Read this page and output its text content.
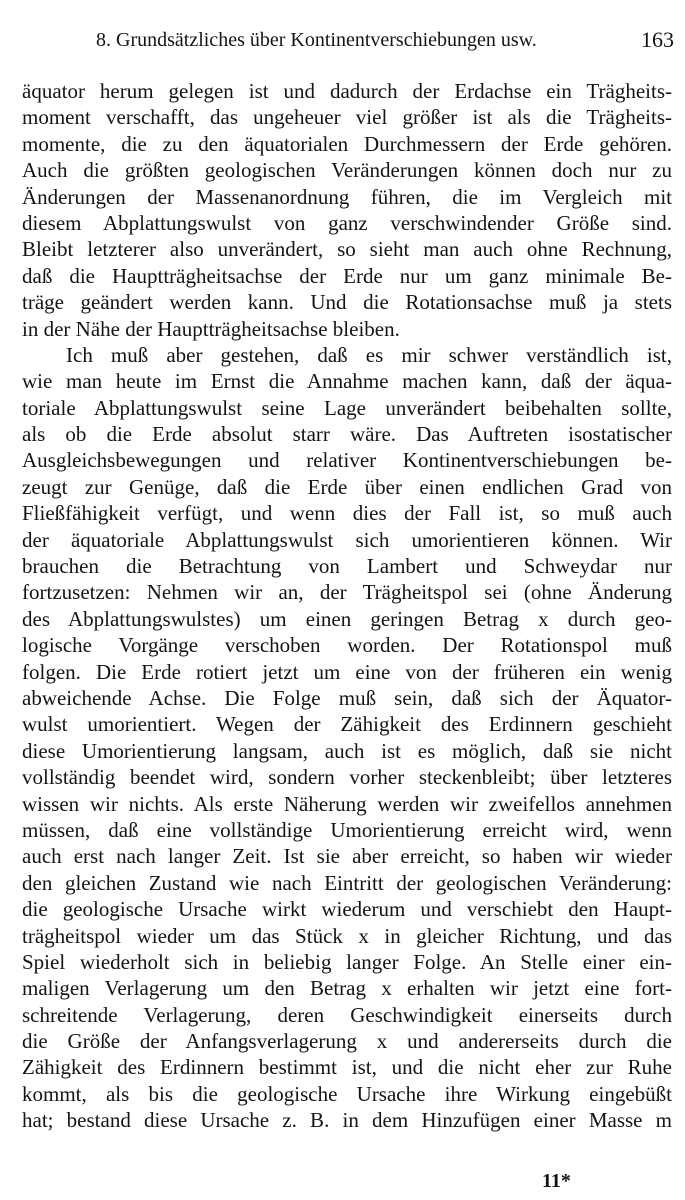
8. Grundsätzliches über Kontinentverschiebungen usw.	163
äquator herum gelegen ist und dadurch der Erdachse ein Trägheits-
moment verschafft, das ungeheuer viel größer ist als die Trägheits-
momente, die zu den äquatorialen Durchmessern der Erde gehören.
Auch die größten geologischen Veränderungen können doch nur zu
Änderungen der Massenanordnung führen, die im Vergleich mit
diesem Abplattungswulst von ganz verschwindender Größe sind.
Bleibt letzterer also unverändert, so sieht man auch ohne Rechnung,
daß die Hauptträgheitsachse der Erde nur um ganz minimale Be-
träge geändert werden kann. Und die Rotationsachse muß ja stets
in der Nähe der Hauptträgheitsachse bleiben.
Ich muß aber gestehen, daß es mir schwer verständlich ist,
wie man heute im Ernst die Annahme machen kann, daß der äqua-
toriale Abplattungswulst seine Lage unverändert beibehalten sollte,
als ob die Erde absolut starr wäre. Das Auftreten isostatischer
Ausgleichsbewegungen und relativer Kontinentverschiebungen be-
zeugt zur Genüge, daß die Erde über einen endlichen Grad von
Fließfähigkeit verfügt, und wenn dies der Fall ist, so muß auch
der äquatoriale Abplattungswulst sich umorientieren können. Wir
brauchen die Betrachtung von Lambert und Schweydar nur
fortzusetzen: Nehmen wir an, der Trägheitspol sei (ohne Änderung
des Abplattungswulstes) um einen geringen Betrag x durch geo-
logische Vorgänge verschoben worden. Der Rotationspol muß
folgen. Die Erde rotiert jetzt um eine von der früheren ein wenig
abweichende Achse. Die Folge muß sein, daß sich der Äquator-
wulst umorientiert. Wegen der Zähigkeit des Erdinnern geschieht
diese Umorientierung langsam, auch ist es möglich, daß sie nicht
vollständig beendet wird, sondern vorher steckenbleibt; über letzteres
wissen wir nichts. Als erste Näherung werden wir zweifellos annehmen
müssen, daß eine vollständige Umorientierung erreicht wird, wenn
auch erst nach langer Zeit. Ist sie aber erreicht, so haben wir wieder
den gleichen Zustand wie nach Eintritt der geologischen Veränderung:
die geologische Ursache wirkt wiederum und verschiebt den Haupt-
trägheitspol wieder um das Stück x in gleicher Richtung, und das
Spiel wiederholt sich in beliebig langer Folge. An Stelle einer ein-
maligen Verlagerung um den Betrag x erhalten wir jetzt eine fort-
schreitende Verlagerung, deren Geschwindigkeit einerseits durch
die Größe der Anfangsverlagerung x und andererseits durch die
Zähigkeit des Erdinnern bestimmt ist, und die nicht eher zur Ruhe
kommt, als bis die geologische Ursache ihre Wirkung eingebüßt
hat; bestand diese Ursache z. B. in dem Hinzufügen einer Masse m
11*
